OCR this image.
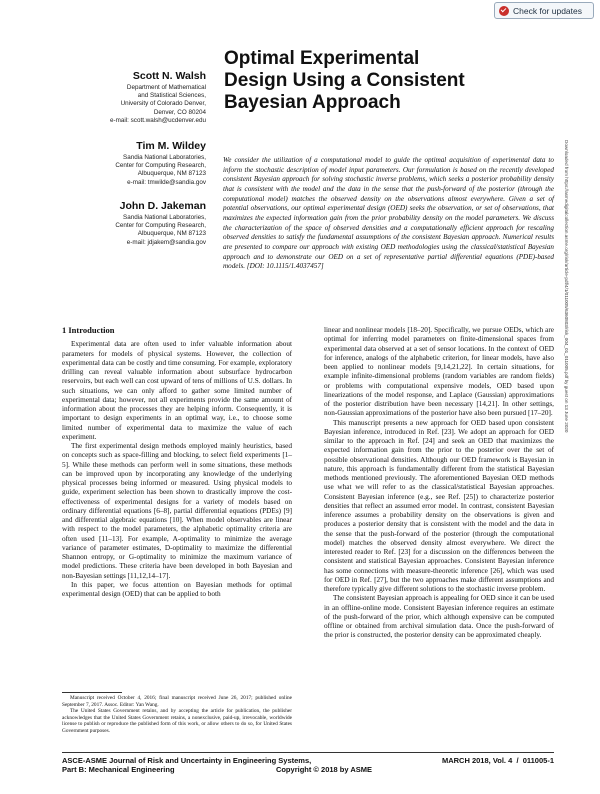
Check for updates
Optimal Experimental
Design Using a Consistent
Bayesian Approach
Scott N. Walsh
Department of Mathematical
and Statistical Sciences,
University of Colorado Denver,
Denver, CO 80204
e-mail: scott.walsh@ucdenver.edu
Tim M. Wildey
Sandia National Laboratories,
Center for Computing Research,
Albuquerque, NM 87123
e-mail: tmwilde@sandia.gov
John D. Jakeman
Sandia National Laboratories,
Center for Computing Research,
Albuquerque, NM 87123
e-mail: jdjakem@sandia.gov
We consider the utilization of a computational model to guide the optimal acquisition of experimental data to inform the stochastic description of model input parameters. Our formulation is based on the recently developed consistent Bayesian approach for solving stochastic inverse problems, which seeks a posterior probability density that is consistent with the model and the data in the sense that the push-forward of the posterior (through the computational model) matches the observed density on the observations almost everywhere. Given a set of potential observations, our optimal experimental design (OED) seeks the observation, or set of observations, that maximizes the expected information gain from the prior probability density on the model parameters. We discuss the characterization of the space of observed densities and a computationally efficient approach for rescaling observed densities to satisfy the fundamental assumptions of the consistent Bayesian approach. Numerical results are presented to compare our approach with existing OED methodologies using the classical/statistical Bayesian approach and to demonstrate our OED on a set of representative partial differential equations (PDE)-based models. [DOI: 10.1115/1.4037457]	Downloaded from https://asmedigitalcollection.asme.org/risk/article-pdf/4/1/011005/6360803/risk_004_01_011005.pdf by guest on 13 June 2020
1 Introduction

Experimental data are often used to infer valuable information about parameters for models of physical systems. However, the collection of experimental data can be costly and time consuming. For example, exploratory drilling can reveal valuable information about subsurface hydrocarbon reservoirs, but each well can cost upward of tens of millions of U.S. dollars. In such situations, we can only afford to gather some limited number of experimental data; however, not all experiments provide the same amount of information about the processes they are helping inform. Consequently, it is important to design experiments in an optimal way, i.e., to choose some limited number of experimental data to maximize the value of each experiment.

The first experimental design methods employed mainly heuristics, based on concepts such as space-filling and blocking, to select field experiments [1–5]. While these methods can perform well in some situations, these methods can be improved upon by incorporating any knowledge of the underlying physical processes being informed or measured. Using physical models to guide, experiment selection has been shown to drastically improve the cost-effectiveness of experimental designs for a variety of models based on ordinary differential equations [6–8], partial differential equations (PDEs) [9] and differential algebraic equations [10]. When model observables are linear with respect to the model parameters, the alphabetic optimality criteria are often used [11–13]. For example, A-optimality to minimize the average variance of parameter estimates, D-optimality to maximize the differential Shannon entropy, or G-optimality to minimize the maximum variance of model predictions. These criteria have been developed in both Bayesian and non-Bayesian settings [11,12,14–17].

In this paper, we focus attention on Bayesian methods for optimal experimental design (OED) that can be applied to both

linear and nonlinear models [18–20]. Specifically, we pursue OEDs, which are optimal for inferring model parameters on finite-dimensional spaces from experimental data observed at a set of sensor locations. In the context of OED for inference, analogs of the alphabetic criterion, for linear models, have also been applied to nonlinear models [9,14,21,22]. In certain situations, for example infinite-dimensional problems (random variables are random fields) or problems with computational expensive models, OED based upon linearizations of the model response, and Laplace (Gaussian) approximations of the posterior distribution have been necessary [14,21]. In other settings, non-Gaussian approximations of the posterior have also been pursued [17–20].

This manuscript presents a new approach for OED based upon consistent Bayesian inference, introduced in Ref. [23]. We adopt an approach for OED similar to the approach in Ref. [24] and seek an OED that maximizes the expected information gain from the prior to the posterior over the set of possible observational densities. Although our OED framework is Bayesian in nature, this approach is fundamentally different from the statistical Bayesian methods mentioned previously. The aforementioned Bayesian OED methods use what we will refer to as the classical/statistical Bayesian approaches. Consistent Bayesian inference (e.g., see Ref. [25]) to characterize posterior densities that reflect an assumed error model. In contrast, consistent Bayesian inference assumes a probability density on the observations is given and produces a posterior density that is consistent with the model and the data in the sense that the push-forward of the posterior (through the computational model) matches the observed density almost everywhere. We direct the interested reader to Ref. [23] for a discussion on the differences between the consistent and statistical Bayesian approaches. Consistent Bayesian inference has some connections with measure-theoretic inference [26], which was used for OED in Ref. [27], but the two approaches make different assumptions and therefore typically give different solutions to the stochastic inverse problem.

The consistent Bayesian approach is appealing for OED since it can be used in an offline-online mode. Consistent Bayesian inference requires an estimate of the push-forward of the prior, which although expensive can be computed offline or obtained from archival simulation data. Once the push-forward of the prior is constructed, the posterior density can be approximated cheaply.

Manuscript received October 4, 2016; final manuscript received June 26, 2017; published online September 7, 2017. Assoc. Editor: Yan Wang.

The United States Government retains, and by accepting the article for publication, the publisher acknowledges that the United States Government retains, a nonexclusive, paid-up, irrevocable, worldwide license to publish or reproduce the published form of this work, or allow others to do so, for United States Government purposes.

ASCE-ASME Journal of Risk and Uncertainty in Engineering Systems,
Part B: Mechanical Engineering
MARCH 2018, Vol. 4  /  011005-1
Copyright © 2018 by ASME
